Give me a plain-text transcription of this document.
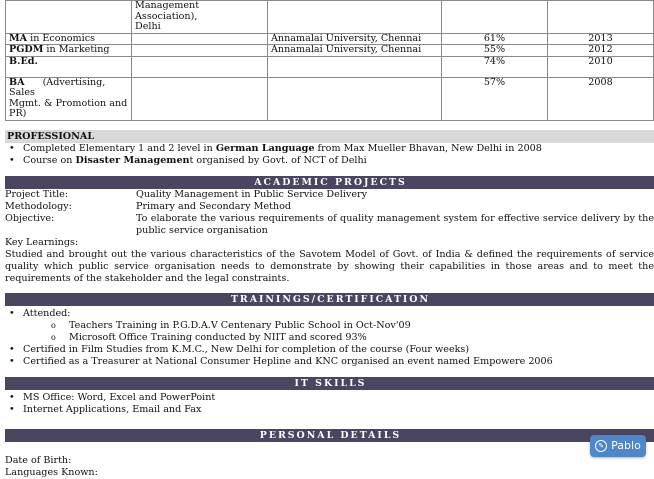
	Management Association),
Delhi			

MA in Economics		Annamalai University, Chennai	61%	2013
PGDM in Marketing		Annamalai University, Chennai	55%	2012
B.Ed.			74%	2010

BA (Advertising, Sales
Mgmt. & Promotion and PR)			57%	2008
PROFESSIONAL
• Completed Elementary 1 and 2 level in German Language from Max Mueller Bhavan, New Delhi in 2008
• Course on Disaster Management organised by Govt. of NCT of Delhi
ACADEMIC PROJECTS
Project Title:	Quality Management in Public Service Delivery
Methodology:	Primary and Secondary Method
Objective:	To elaborate the various requirements of quality management system for effective service delivery by the public service organisation
Key Learnings:

Studied and brought out the various characteristics of the Savotem Model of Govt. of India & defined the requirements of service quality which public service organisation needs to demonstrate by showing their capabilities in those areas and to meet the requirements of the stakeholder and the legal constraints.

TRAININGS/CERTIFICATION
• Attended:
o Teachers Training in P.G.D.A.V Centenary Public School in Oct-Nov'09
o Microsoft Office Training conducted by NIIT and scored 93%
• Certified in Film Studies from K.M.C., New Delhi for completion of the course (Four weeks)
• Certified as a Treasurer at National Consumer Hepline and KNC organised an event named Empowere 2006
IT SKILLS
• MS Office: Word, Excel and PowerPoint
• Internet Applications, Email and Fax
PERSONAL DETAILS
Date of Birth:
Languages Known:
✎ Pablo
